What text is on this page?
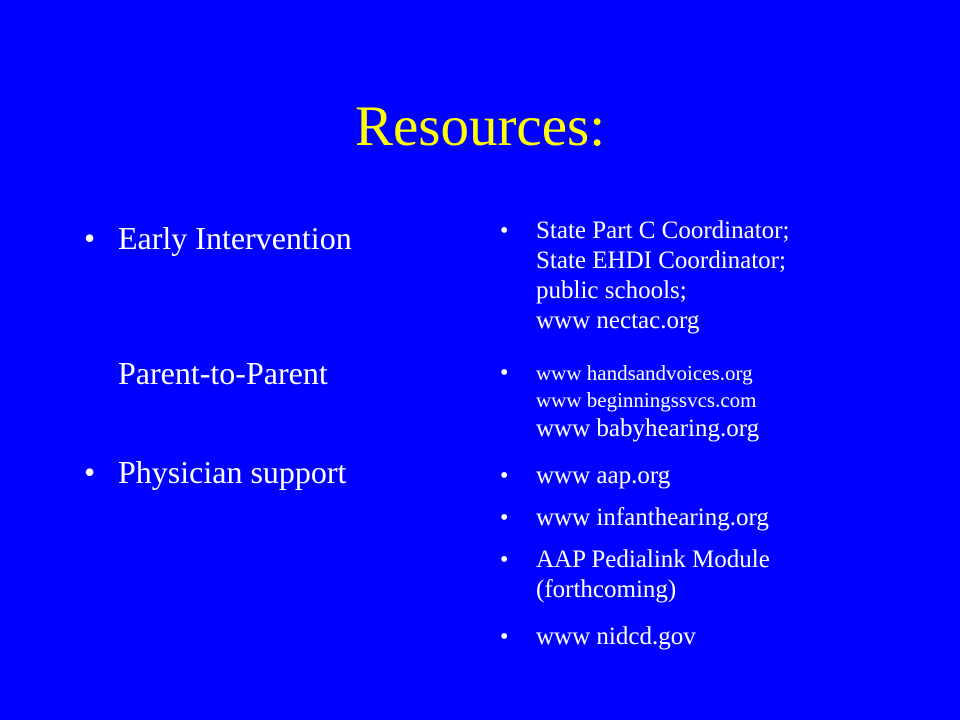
Resources:
• Early Intervention
Parent-to-Parent
• Physician support
• State Part C Coordinator;
State EHDI Coordinator;
public schools;
www nectac.org
• www handsandvoices.org
www beginningssvcs.com
www babyhearing.org
• www aap.org
• www infanthearing.org
• AAP Pedialink Module
(forthcoming)
• www nidcd.gov
